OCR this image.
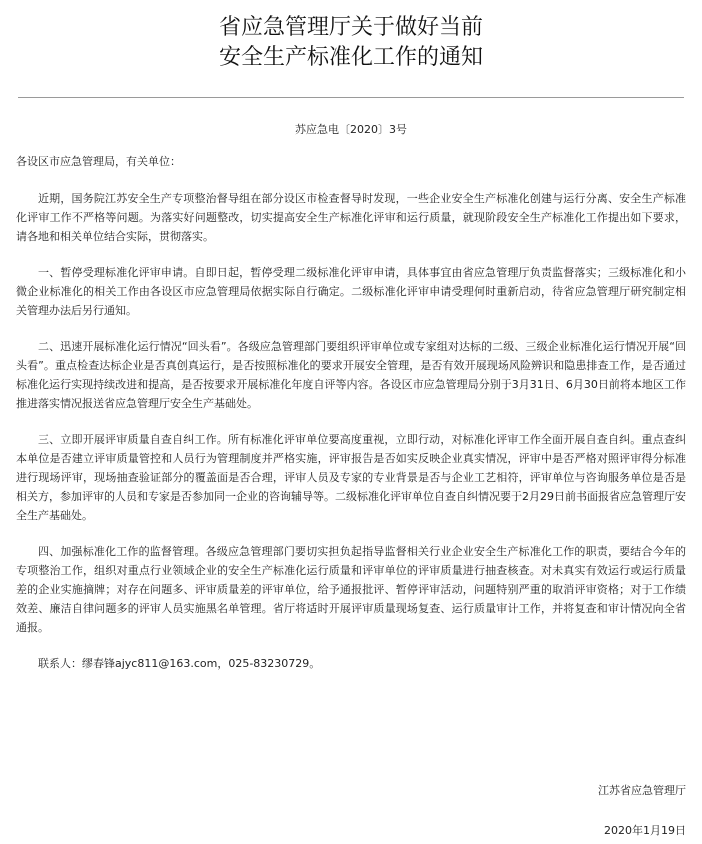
省应急管理厅关于做好当前
安全生产标准化工作的通知
苏应急电〔2020〕3号
各设区市应急管理局，有关单位：

近期，国务院江苏安全生产专项整治督导组在部分设区市检查督导时发现，一些企业安全生产标准化创建与运行分离、安全生产标准化评审工作不严格等问题。为落实好问题整改，切实提高安全生产标准化评审和运行质量，就现阶段安全生产标准化工作提出如下要求，请各地和相关单位结合实际，贯彻落实。

一、暂停受理标准化评审申请。自即日起，暂停受理二级标准化评审申请，具体事宜由省应急管理厅负责监督落实；三级标准化和小微企业标准化的相关工作由各设区市应急管理局依据实际自行确定。二级标准化评审申请受理何时重新启动，待省应急管理厅研究制定相关管理办法后另行通知。

二、迅速开展标准化运行情况“回头看”。各级应急管理部门要组织评审单位或专家组对达标的二级、三级企业标准化运行情况开展“回头看”。重点检查达标企业是否真创真运行，是否按照标准化的要求开展安全管理，是否有效开展现场风险辨识和隐患排查工作，是否通过标准化运行实现持续改进和提高，是否按要求开展标准化年度自评等内容。各设区市应急管理局分别于3月31日、6月30日前将本地区工作推进落实情况报送省应急管理厅安全生产基础处。

三、立即开展评审质量自查自纠工作。所有标准化评审单位要高度重视，立即行动，对标准化评审工作全面开展自查自纠。重点查纠本单位是否建立评审质量管控和人员行为管理制度并严格实施，评审报告是否如实反映企业真实情况，评审中是否严格对照评审得分标准进行现场评审，现场抽查验证部分的覆盖面是否合理，评审人员及专家的专业背景是否与企业工艺相符，评审单位与咨询服务单位是否是相关方，参加评审的人员和专家是否参加同一企业的咨询辅导等。二级标准化评审单位自查自纠情况要于2月29日前书面报省应急管理厅安全生产基础处。

四、加强标准化工作的监督管理。各级应急管理部门要切实担负起指导监督相关行业企业安全生产标准化工作的职责，要结合今年的专项整治工作，组织对重点行业领域企业的安全生产标准化运行质量和评审单位的评审质量进行抽查核查。对未真实有效运行或运行质量差的企业实施摘牌；对存在问题多、评审质量差的评审单位，给予通报批评、暂停评审活动，问题特别严重的取消评审资格；对于工作绩效差、廉洁自律问题多的评审人员实施黑名单管理。省厅将适时开展评审质量现场复查、运行质量审计工作，并将复查和审计情况向全省通报。

联系人：缪春锋ajyc811@163.com，025-83230729。

江苏省应急管理厅
2020年1月19日
